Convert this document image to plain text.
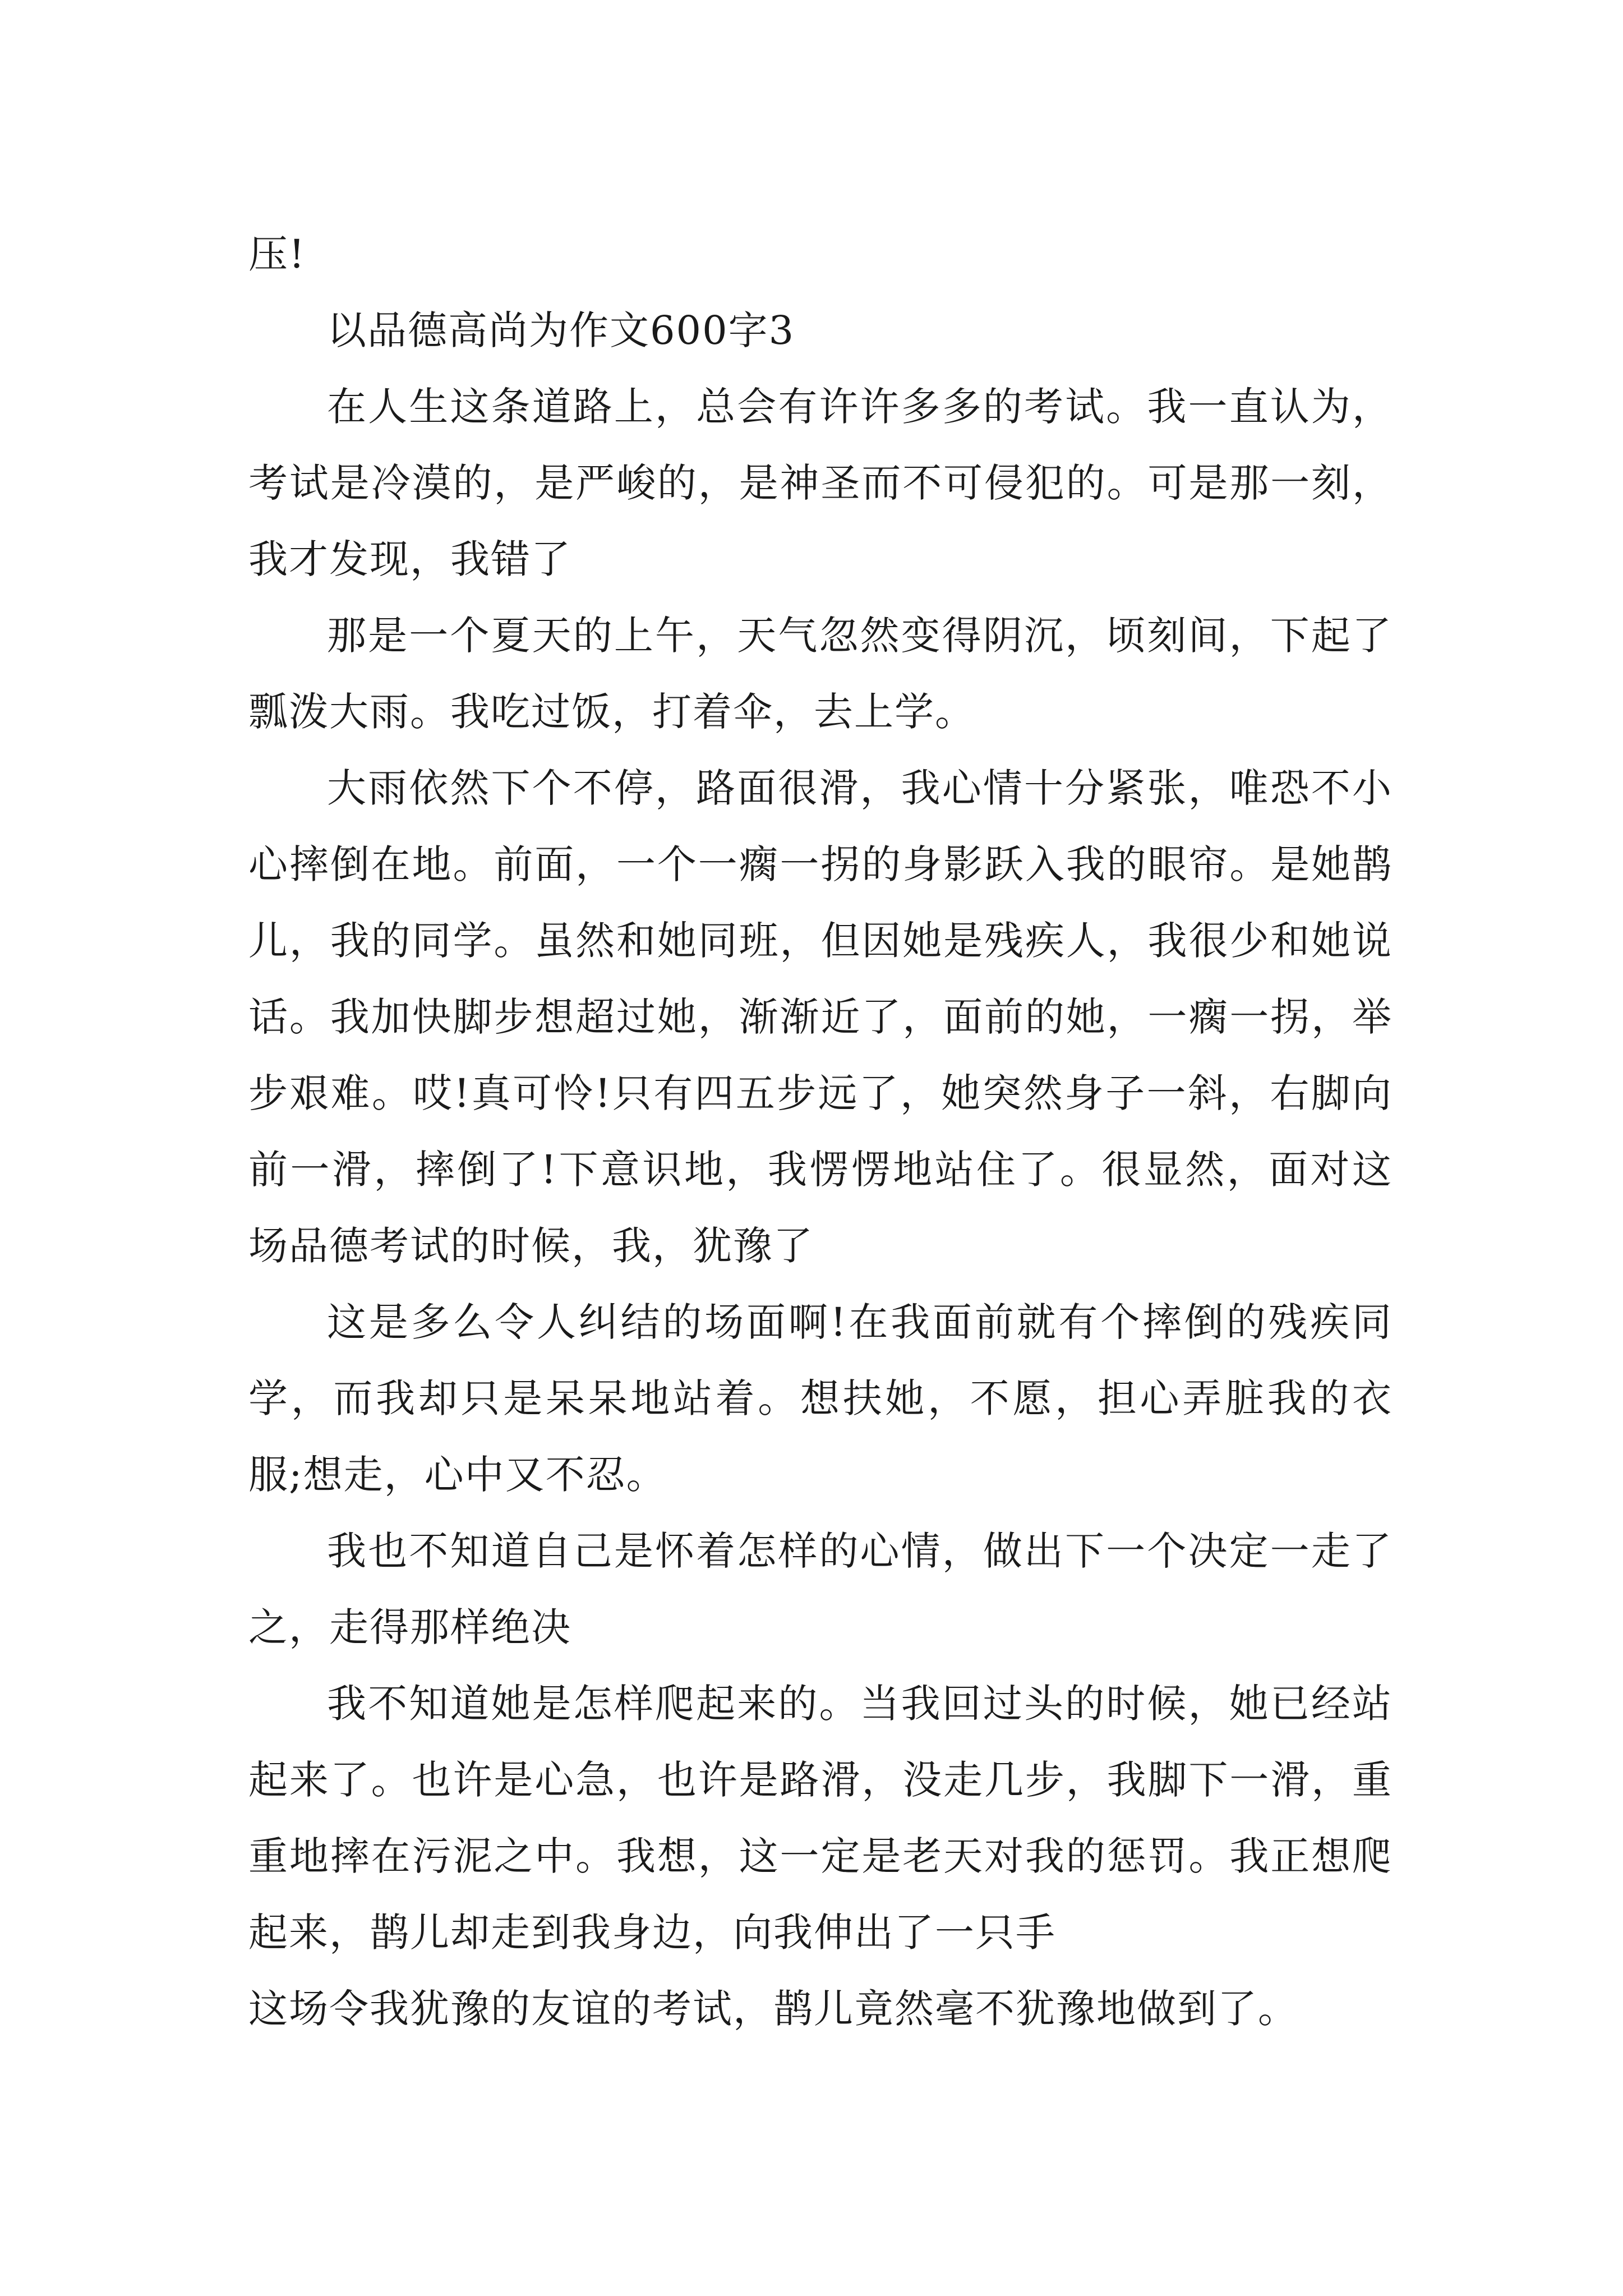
压!

以品德高尚为作文600字3

在人生这条道路上，总会有许许多多的考试。我一直认为，考试是冷漠的，是严峻的，是神圣而不可侵犯的。可是那一刻，我才发现，我错了

那是一个夏天的上午，天气忽然变得阴沉，顷刻间，下起了瓢泼大雨。我吃过饭，打着伞，去上学。

大雨依然下个不停，路面很滑，我心情十分紧张，唯恐不小心摔倒在地。前面，一个一瘸一拐的身影跃入我的眼帘。是她鹊儿，我的同学。虽然和她同班，但因她是残疾人，我很少和她说话。我加快脚步想超过她，渐渐近了，面前的她，一瘸一拐，举步艰难。哎!真可怜!只有四五步远了，她突然身子一斜，右脚向前一滑，摔倒了!下意识地，我愣愣地站住了。很显然，面对这场品德考试的时候，我，犹豫了

这是多么令人纠结的场面啊!在我面前就有个摔倒的残疾同学，而我却只是呆呆地站着。想扶她，不愿，担心弄脏我的衣服;想走，心中又不忍。

我也不知道自己是怀着怎样的心情，做出下一个决定一走了之，走得那样绝决

我不知道她是怎样爬起来的。当我回过头的时候，她已经站起来了。也许是心急，也许是路滑，没走几步，我脚下一滑，重重地摔在污泥之中。我想，这一定是老天对我的惩罚。我正想爬起来，鹊儿却走到我身边，向我伸出了一只手

这场令我犹豫的友谊的考试，鹊儿竟然毫不犹豫地做到了。
